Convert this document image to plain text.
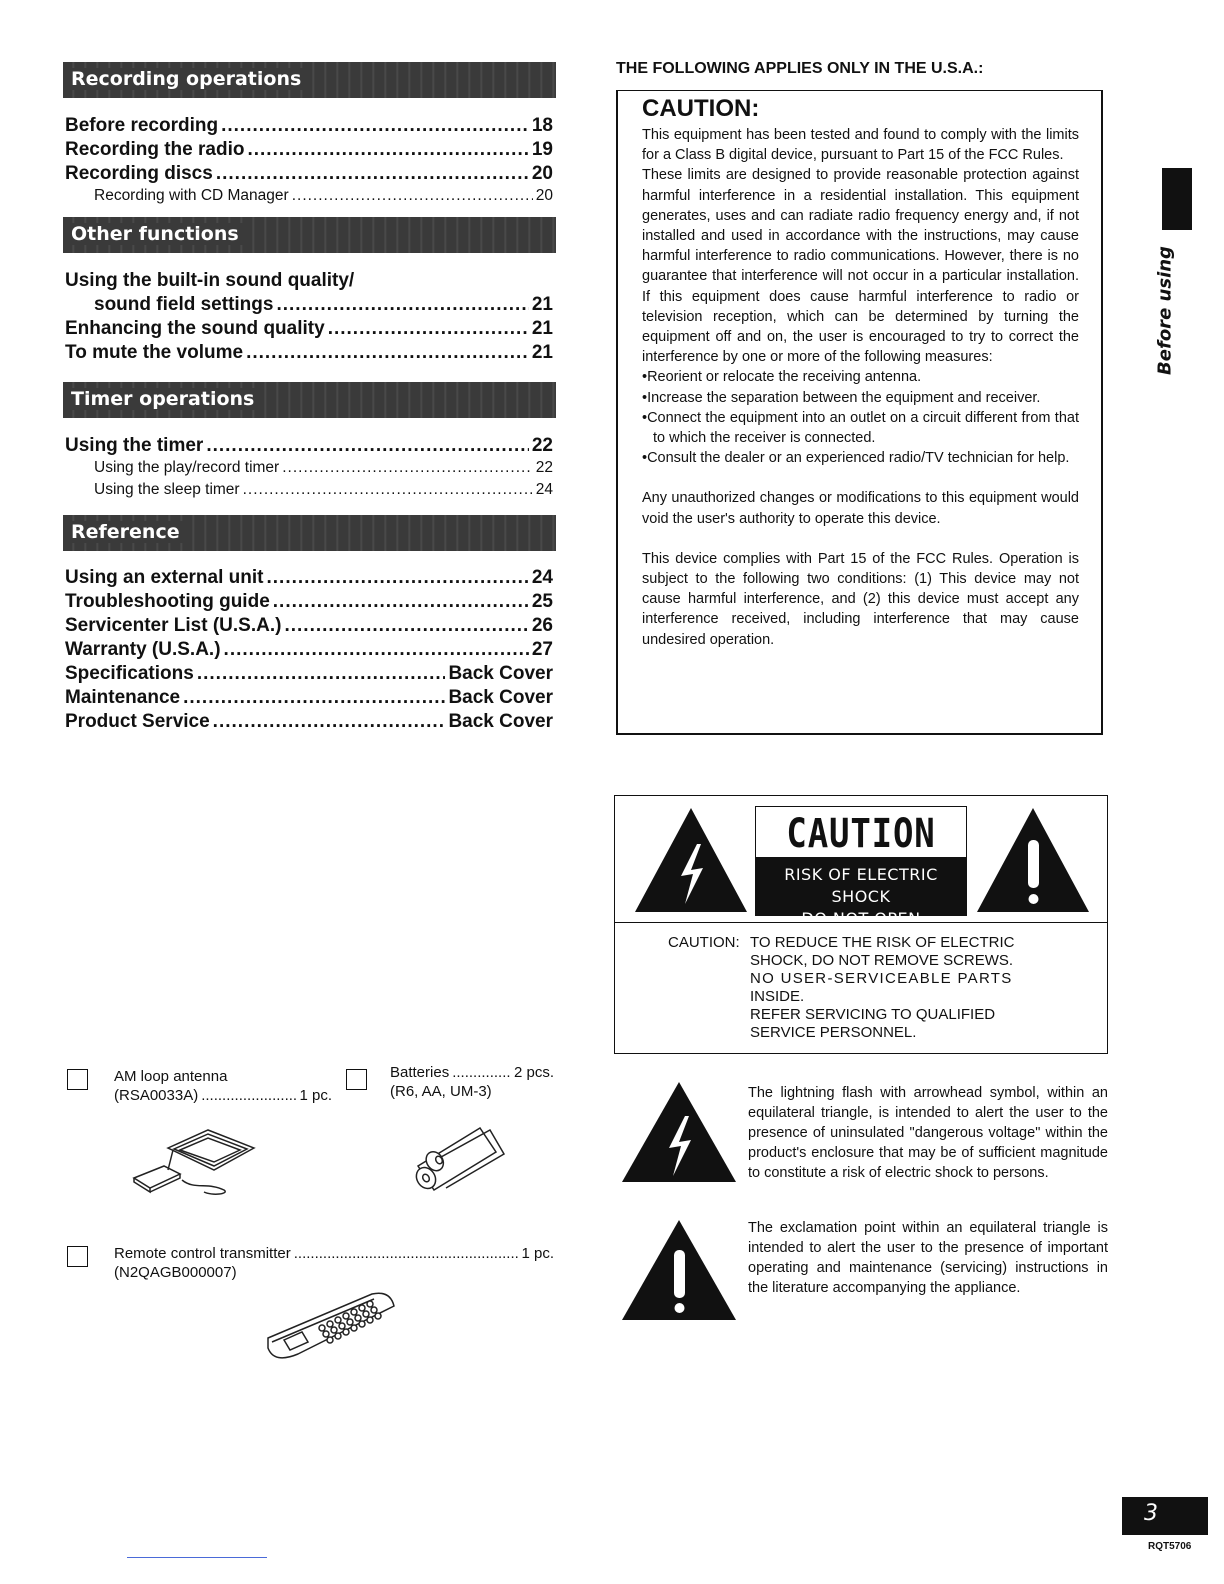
Recording operations
Before recording .....	18
Recording the radio .....	19
Recording discs .....	20
Recording with CD Manager .....	20
Other functions
Using the built-in sound quality/
sound field settings .....	21
Enhancing the sound quality .....	21
To mute the volume .....	21
Timer operations
Using the timer .....	22
Using the play/record timer .....	22
Using the sleep timer .....	24
Reference
Using an external unit .....	24
Troubleshooting guide .....	25
Servicenter List (U.S.A.) .....	26
Warranty (U.S.A.) .....	27
Specifications .....	Back Cover
Maintenance .....	Back Cover
Product Service .....	Back Cover
AM loop antenna
(RSA0033A) .....	1 pc.
Batteries .....	2 pcs.
(R6, AA, UM-3)
Remote control transmitter .....	1 pc.
(N2QAGB000007)
THE FOLLOWING APPLIES ONLY IN THE U.S.A.:
CAUTION:

This equipment has been tested and found to comply with the limits for a Class B digital device, pursuant to Part 15 of the FCC Rules.

These limits are designed to provide reasonable protection against harmful interference in a residential installation. This equipment generates, uses and can radiate radio frequency energy and, if not installed and used in accordance with the instructions, may cause harmful interference to radio communications. However, there is no guarantee that interference will not occur in a particular installation. If this equipment does cause harmful interference to radio or television reception, which can be determined by turning the equipment off and on, the user is encouraged to try to correct the interference by one or more of the following measures:

•Reorient or relocate the receiving antenna.

•Increase the separation between the equipment and receiver.

•Connect the equipment into an outlet on a circuit different from that to which the receiver is connected.

•Consult the dealer or an experienced radio/TV technician for help.

Any unauthorized changes or modifications to this equipment would void the user's authority to operate this device.

This device complies with Part 15 of the FCC Rules. Operation is subject to the following two conditions: (1) This device may not cause harmful interference, and (2) this device must accept any interference received, including interference that may cause undesired operation.

CAUTION
RISK OF ELECTRIC SHOCK
DO NOT OPEN
CAUTION: TO REDUCE THE RISK OF ELECTRIC
SHOCK, DO NOT REMOVE SCREWS.
NO USER-SERVICEABLE PARTS
INSIDE.
REFER SERVICING TO QUALIFIED
SERVICE PERSONNEL.
The lightning flash with arrowhead symbol, within an equilateral triangle, is intended to alert the user to the presence of uninsulated "dangerous voltage" within the product's enclosure that may be of sufficient magnitude to constitute a risk of electric shock to persons.
The exclamation point within an equilateral triangle is intended to alert the user to the presence of important operating and maintenance (servicing) instructions in the literature accompanying the appliance.
Before using
3
RQT5706
